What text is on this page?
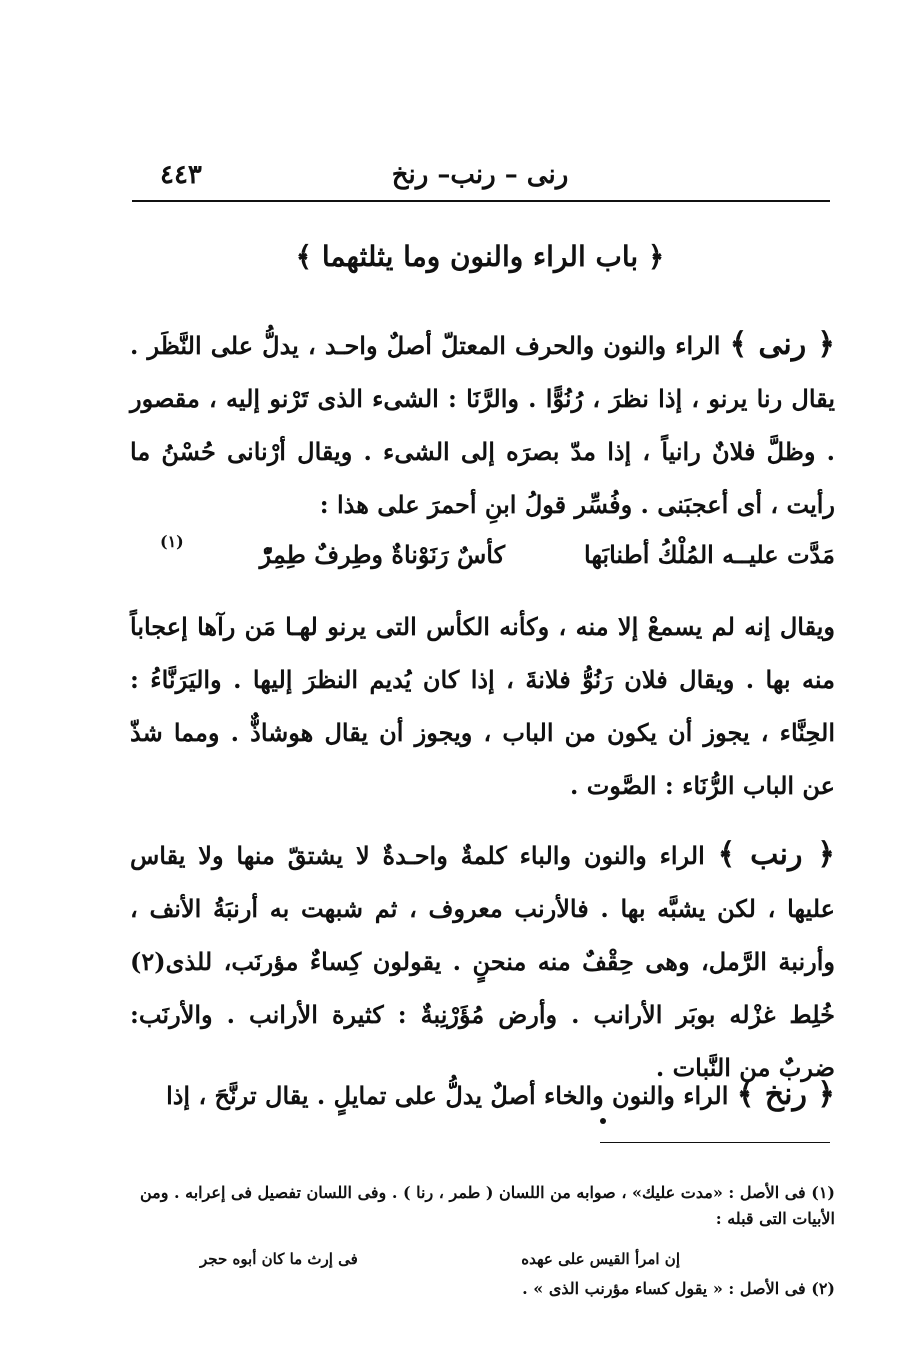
رنى – رنب– رنخ
٤٤٣
﴿ باب الراء والنون وما يثلثهما ﴾
﴿ رنى ﴾ الراء والنون والحرف المعتلّ أصلٌ واحـد ، يدلُّ على النَّظَر . يقال رنا يرنو ، إذا نظرَ ، رُنُوًّا . والرَّنَا : الشىء الذى تَرْنو إليه ، مقصور . وظلَّ فلانٌ رانياً ، إذا مدّ بصرَه إلى الشىء . ويقال أرْنانى حُسْنُ ما رأيت ، أى أعجبَنى . وفُسِّر قولُ ابنِ أحمرَ على هذا :
مَدَّت عليــه المُلْكُ أطنابَها
كأسٌ رَنَوْناةٌ وطِرفٌ طِمِرّْ
(١)
ويقال إنه لم يسمعْ إلا منه ، وكأنه الكأس التى يرنو لهـا مَن رآها إعجاباً منه بها . ويقال فلان رَنُوُّ فلانةَ ، إذا كان يُديم النظرَ إليها . واليَرَنَّاءُ : الحِنَّاء ، يجوز أن يكون من الباب ، ويجوز أن يقال هوشاذٌّ . ومما شذّ عن الباب الرُّنَاء : الصَّوت .
﴿ رنب ﴾ الراء والنون والباء كلمةٌ واحـدةٌ لا يشتقّ منها ولا يقاس عليها ، لكن يشبَّه بها . فالأرنب معروف ، ثم شبهت به أرنبَةُ الأنف ، وأرنبة الرَّمل، وهى حِقْفٌ منه منحنٍ . يقولون كِساءٌ مؤرنَب، للذى(٢) خُلِط غزْله بوبَر الأرانب . وأرض مُؤَرْنِبةٌ : كثيرة الأرانب . والأرنَب: ضربٌ من النَّبات .
﴿ رنخ ﴾ الراء والنون والخاء أصلٌ يدلُّ على تمايلٍ . يقال ترنَّحَ ، إذا
(١) فى الأصل : «مدت عليك» ، صوابه من اللسان ( طمر ، رنا ) . وفى اللسان تفصيل فى إعرابه . ومن الأبيات التى قبله :
إن امرأ القيس على عهده
فى إرث ما كان أبوه حجر
(٢) فى الأصل : « يقول كساء مؤرنب الذى » .
